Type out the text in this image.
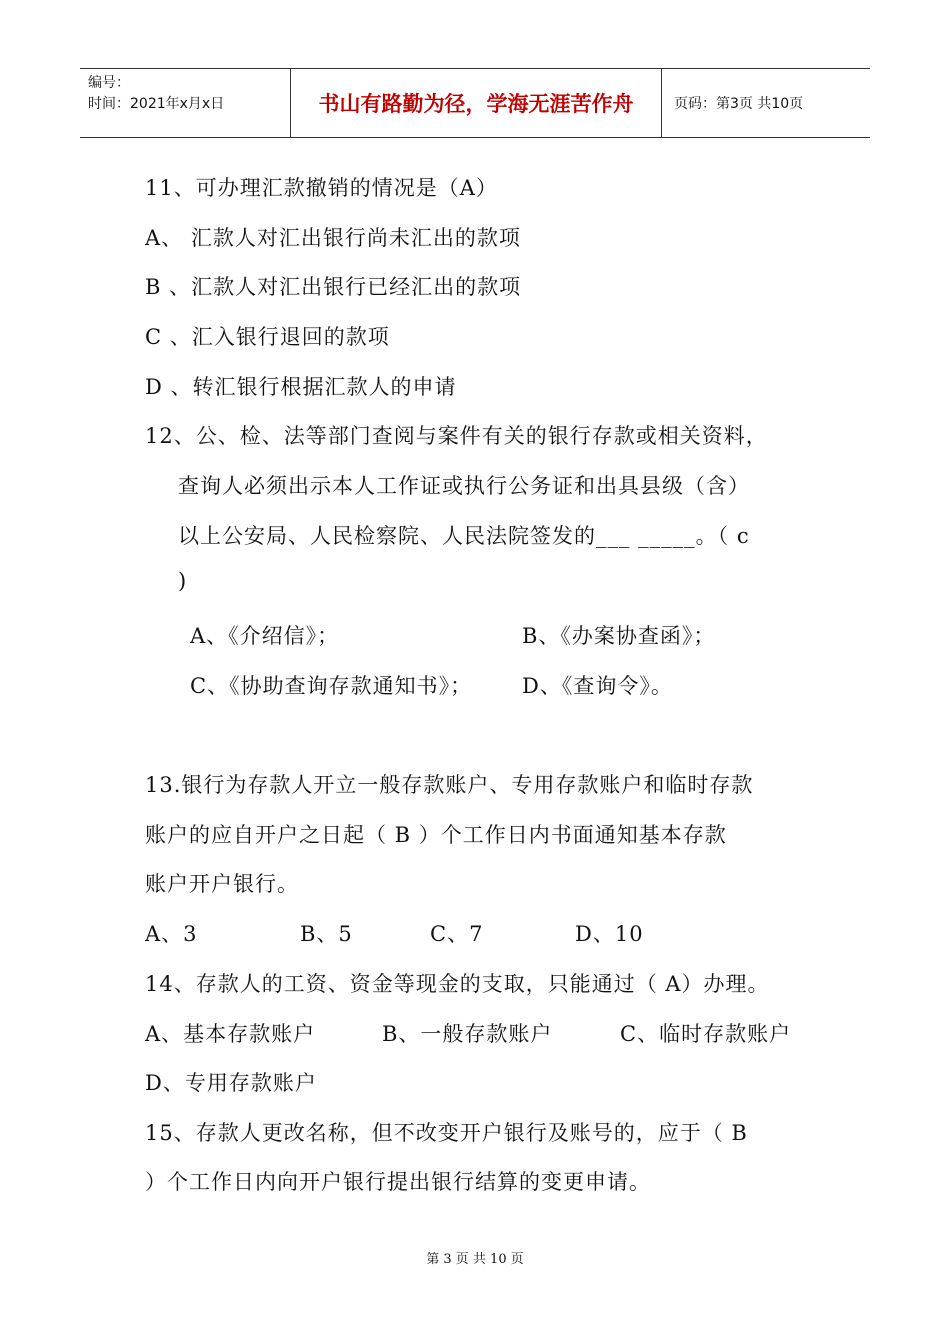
编号：
时间：2021年x月x日	书山有路勤为径，学海无涯苦作舟	页码：第3页 共10页
11、可办理汇款撤销的情况是（A）
A、 汇款人对汇出银行尚未汇出的款项
B 、汇款人对汇出银行已经汇出的款项
C 、汇入银行退回的款项
D 、转汇银行根据汇款人的申请
12、公、检、法等部门查阅与案件有关的银行存款或相关资料，
查询人必须出示本人工作证或执行公务证和出具县级（含）
以上公安局、人民检察院、人民法院签发的___ _____。（ c
)
A、《介绍信》；	B、《办案协查函》；
C、《协助查询存款通知书》； D、《查询令》。
13.银行为存款人开立一般存款账户、专用存款账户和临时存款
账户的应自开户之日起（ B ）个工作日内书面通知基本存款
账户开户银行。
A、3	B、5	C、7	D、10
14、存款人的工资、资金等现金的支取，只能通过（ A）办理。
A、基本存款账户	B、一般存款账户	C、临时存款账户
D、专用存款账户
15、存款人更改名称，但不改变开户银行及账号的，应于（ B
）个工作日内向开户银行提出银行结算的变更申请。
第 3 页 共 10 页
